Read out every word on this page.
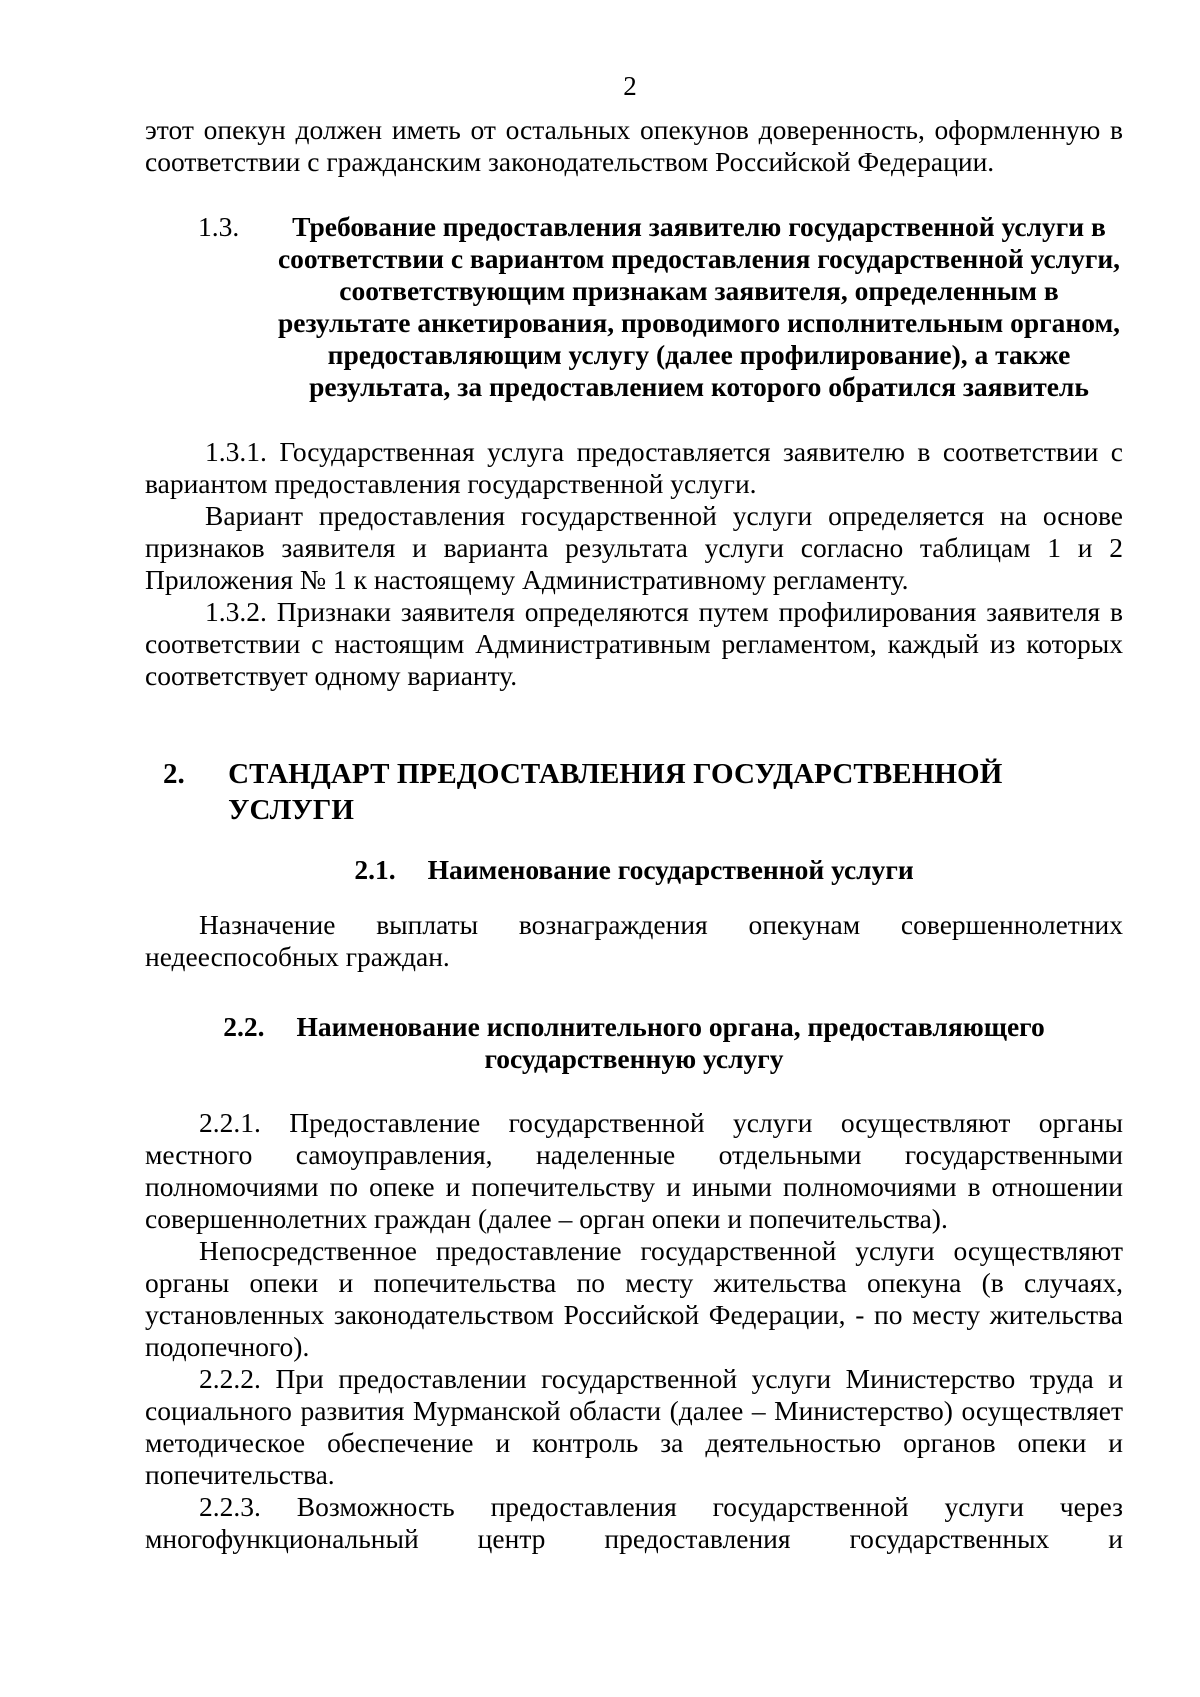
2

этот опекун должен иметь от остальных опекунов доверенность, оформленную в соответствии с гражданским законодательством Российской Федерации.

1.3.	Требование предоставления заявителю государственной услуги в соответствии с вариантом предоставления государственной услуги, соответствующим признакам заявителя, определенным в результате анкетирования, проводимого исполнительным органом, предоставляющим услугу (далее профилирование), а также результата, за предоставлением которого обратился заявитель

1.3.1. Государственная услуга предоставляется заявителю в соответствии с вариантом предоставления государственной услуги.

Вариант предоставления государственной услуги определяется на основе признаков заявителя и варианта результата услуги согласно таблицам 1 и 2 Приложения № 1 к настоящему Административному регламенту.

1.3.2. Признаки заявителя определяются путем профилирования заявителя в соответствии с настоящим Административным регламентом, каждый из которых соответствует одному варианту.

2.	СТАНДАРТ ПРЕДОСТАВЛЕНИЯ ГОСУДАРСТВЕННОЙ УСЛУГИ
2.1. Наименование государственной услуги

Назначение выплаты вознаграждения опекунам совершеннолетних недееспособных граждан.

2.2. Наименование исполнительного органа, предоставляющего
государственную услугу

2.2.1. Предоставление государственной услуги осуществляют органы местного самоуправления, наделенные отдельными государственными полномочиями по опеке и попечительству и иными полномочиями в отношении совершеннолетних граждан (далее – орган опеки и попечительства).

Непосредственное предоставление государственной услуги осуществляют органы опеки и попечительства по месту жительства опекуна (в случаях, установленных законодательством Российской Федерации, - по месту жительства подопечного).

2.2.2. При предоставлении государственной услуги Министерство труда и социального развития Мурманской области (далее – Министерство) осуществляет методическое обеспечение и контроль за деятельностью органов опеки и попечительства.

2.2.3. Возможность предоставления государственной услуги через многофункциональный центр предоставления государственных и
